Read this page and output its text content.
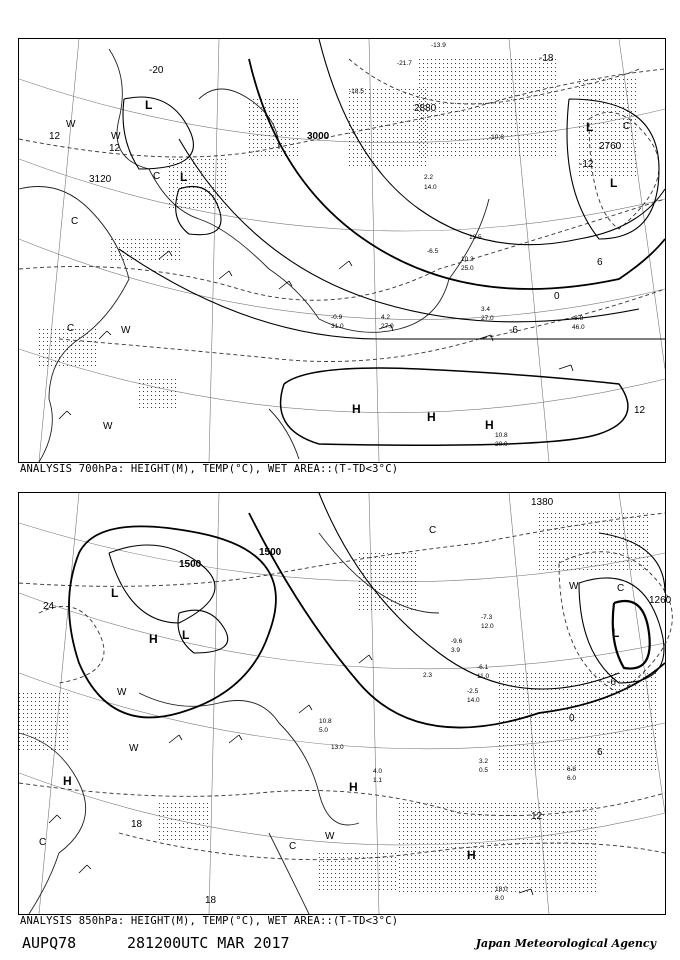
3000
2880
2760
3120
-12
-6
0
6
12
12
12
-18
-20
L
L
L
L
H
H
H
W
W
W
W
C
C
C
C
-13.9
-21.7
-18.5
-10.6
-6.5
2.2
14.0
4.2
27.0
3.4
27.0	-8.8
46.0
10.8
20.0
10.3
25.0
13.5
-0.9
31.0
ANALYSIS 700hPa: HEIGHT(M), TEMP(°C), WET AREA::(T-TD<3°C)
1500
1500
1380
1260
24
18
18
12
6
0
-6
L
L	L
H
H	H
H
W
W
W
W
C	C
C
C
-9.6
3.9
2.3
-2.5
14.0
3.2
0.5	6.8
6.0
18.0
8.0
13.0
4.0
1.1
10.8
5.0
-7.3
12.0
-6.1
11.0
ANALYSIS 850hPa: HEIGHT(M), TEMP(°C), WET AREA::(T-TD<3°C)
AUPQ78	281200UTC MAR 2017	Japan Meteorological Agency
